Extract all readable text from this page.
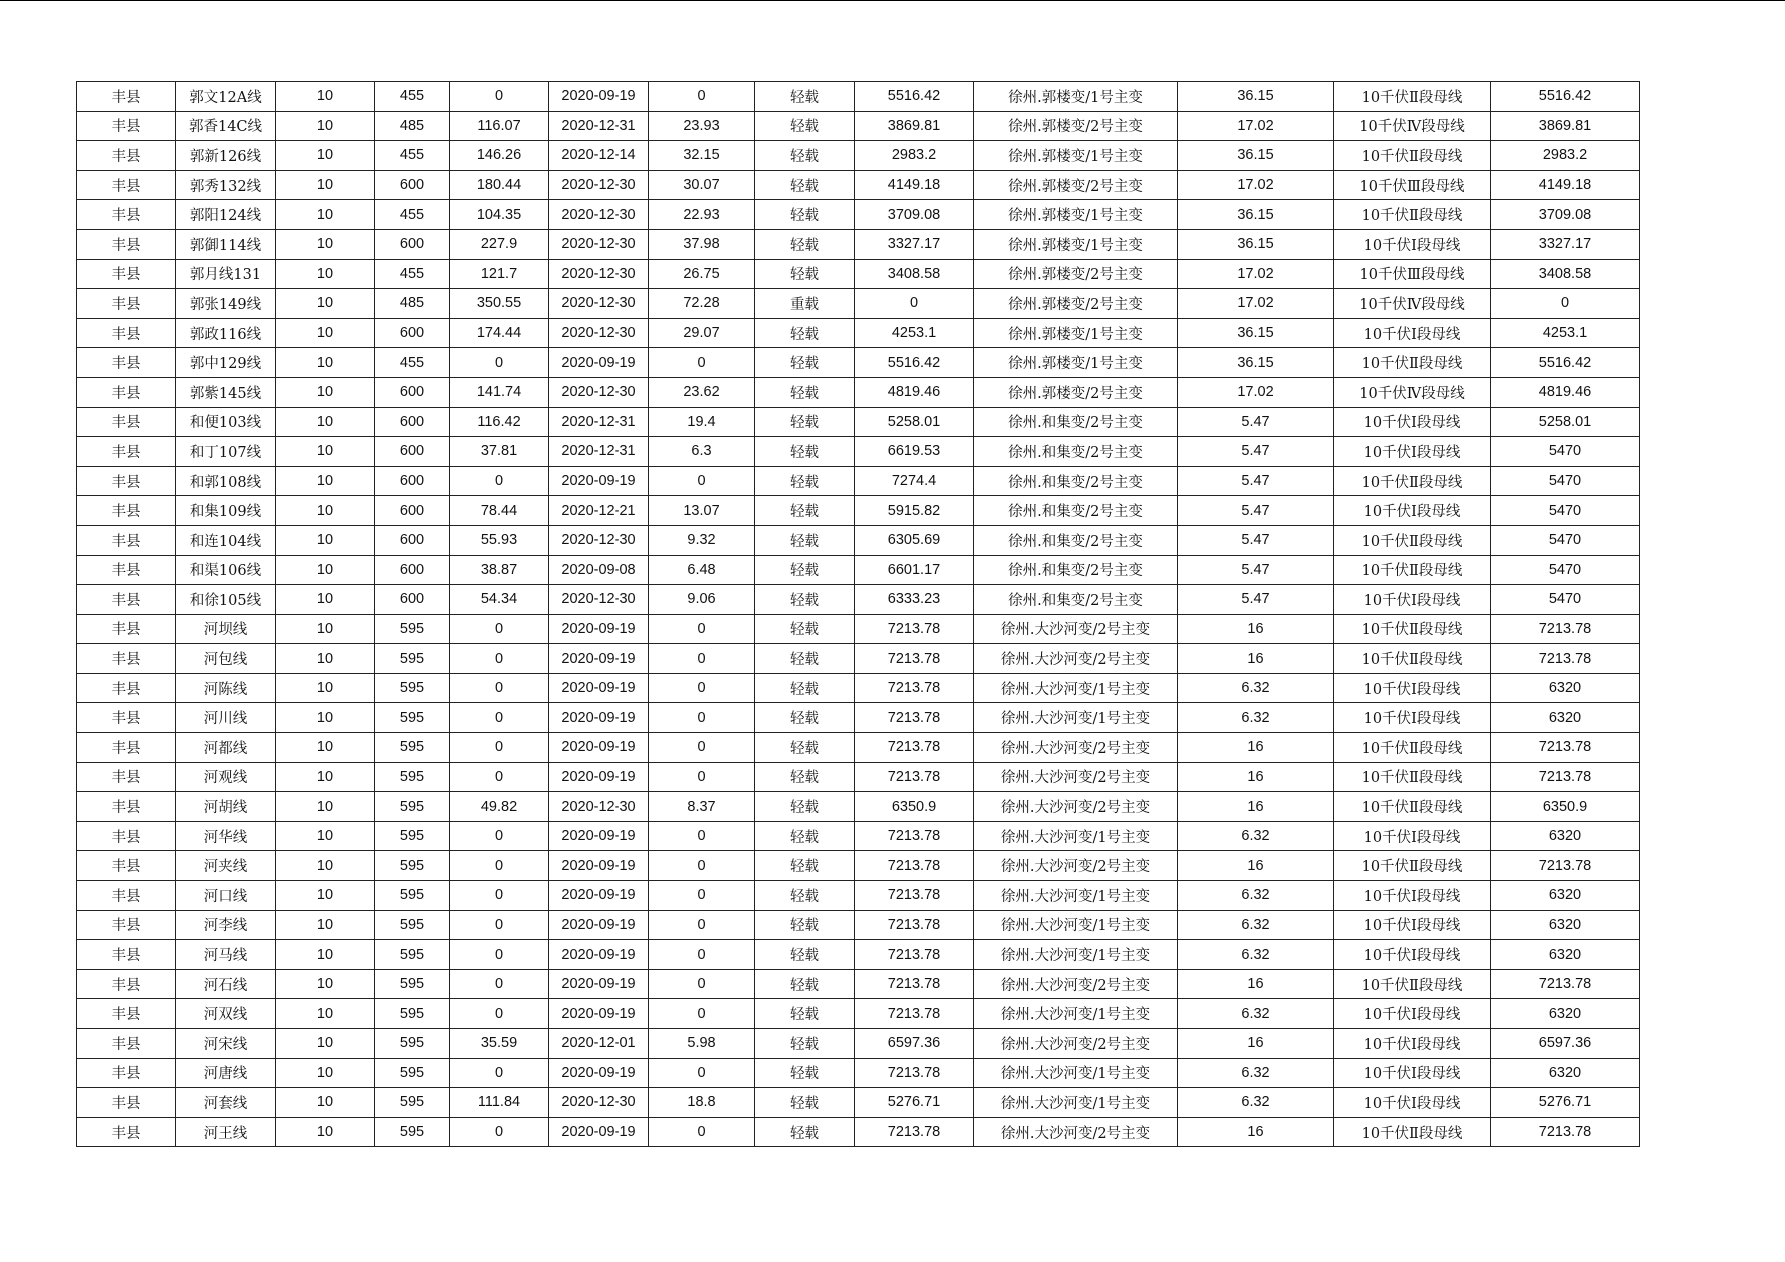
丰县	郭文12A线	10	455	0	2020-09-19	0	轻载	5516.42	徐州.郭楼变/1号主变	36.15	10千伏Ⅱ段母线	5516.42
丰县	郭香14C线	10	485	116.07	2020-12-31	23.93	轻载	3869.81	徐州.郭楼变/2号主变	17.02	10千伏Ⅳ段母线	3869.81
丰县	郭新126线	10	455	146.26	2020-12-14	32.15	轻载	2983.2	徐州.郭楼变/1号主变	36.15	10千伏Ⅱ段母线	2983.2
丰县	郭秀132线	10	600	180.44	2020-12-30	30.07	轻载	4149.18	徐州.郭楼变/2号主变	17.02	10千伏Ⅲ段母线	4149.18
丰县	郭阳124线	10	455	104.35	2020-12-30	22.93	轻载	3709.08	徐州.郭楼变/1号主变	36.15	10千伏Ⅱ段母线	3709.08
丰县	郭御114线	10	600	227.9	2020-12-30	37.98	轻载	3327.17	徐州.郭楼变/1号主变	36.15	10千伏Ⅰ段母线	3327.17
丰县	郭月线131	10	455	121.7	2020-12-30	26.75	轻载	3408.58	徐州.郭楼变/2号主变	17.02	10千伏Ⅲ段母线	3408.58
丰县	郭张149线	10	485	350.55	2020-12-30	72.28	重载	0	徐州.郭楼变/2号主变	17.02	10千伏Ⅳ段母线	0
丰县	郭政116线	10	600	174.44	2020-12-30	29.07	轻载	4253.1	徐州.郭楼变/1号主变	36.15	10千伏Ⅰ段母线	4253.1
丰县	郭中129线	10	455	0	2020-09-19	0	轻载	5516.42	徐州.郭楼变/1号主变	36.15	10千伏Ⅱ段母线	5516.42
丰县	郭紫145线	10	600	141.74	2020-12-30	23.62	轻载	4819.46	徐州.郭楼变/2号主变	17.02	10千伏Ⅳ段母线	4819.46
丰县	和便103线	10	600	116.42	2020-12-31	19.4	轻载	5258.01	徐州.和集变/2号主变	5.47	10千伏Ⅰ段母线	5258.01
丰县	和丁107线	10	600	37.81	2020-12-31	6.3	轻载	6619.53	徐州.和集变/2号主变	5.47	10千伏Ⅰ段母线	5470
丰县	和郭108线	10	600	0	2020-09-19	0	轻载	7274.4	徐州.和集变/2号主变	5.47	10千伏Ⅱ段母线	5470
丰县	和集109线	10	600	78.44	2020-12-21	13.07	轻载	5915.82	徐州.和集变/2号主变	5.47	10千伏Ⅰ段母线	5470
丰县	和连104线	10	600	55.93	2020-12-30	9.32	轻载	6305.69	徐州.和集变/2号主变	5.47	10千伏Ⅱ段母线	5470
丰县	和渠106线	10	600	38.87	2020-09-08	6.48	轻载	6601.17	徐州.和集变/2号主变	5.47	10千伏Ⅱ段母线	5470
丰县	和徐105线	10	600	54.34	2020-12-30	9.06	轻载	6333.23	徐州.和集变/2号主变	5.47	10千伏Ⅰ段母线	5470
丰县	河坝线	10	595	0	2020-09-19	0	轻载	7213.78	徐州.大沙河变/2号主变	16	10千伏Ⅱ段母线	7213.78
丰县	河包线	10	595	0	2020-09-19	0	轻载	7213.78	徐州.大沙河变/2号主变	16	10千伏Ⅱ段母线	7213.78
丰县	河陈线	10	595	0	2020-09-19	0	轻载	7213.78	徐州.大沙河变/1号主变	6.32	10千伏Ⅰ段母线	6320
丰县	河川线	10	595	0	2020-09-19	0	轻载	7213.78	徐州.大沙河变/1号主变	6.32	10千伏Ⅰ段母线	6320
丰县	河都线	10	595	0	2020-09-19	0	轻载	7213.78	徐州.大沙河变/2号主变	16	10千伏Ⅱ段母线	7213.78
丰县	河观线	10	595	0	2020-09-19	0	轻载	7213.78	徐州.大沙河变/2号主变	16	10千伏Ⅱ段母线	7213.78
丰县	河胡线	10	595	49.82	2020-12-30	8.37	轻载	6350.9	徐州.大沙河变/2号主变	16	10千伏Ⅱ段母线	6350.9
丰县	河华线	10	595	0	2020-09-19	0	轻载	7213.78	徐州.大沙河变/1号主变	6.32	10千伏Ⅰ段母线	6320
丰县	河夹线	10	595	0	2020-09-19	0	轻载	7213.78	徐州.大沙河变/2号主变	16	10千伏Ⅱ段母线	7213.78
丰县	河口线	10	595	0	2020-09-19	0	轻载	7213.78	徐州.大沙河变/1号主变	6.32	10千伏Ⅰ段母线	6320
丰县	河李线	10	595	0	2020-09-19	0	轻载	7213.78	徐州.大沙河变/1号主变	6.32	10千伏Ⅰ段母线	6320
丰县	河马线	10	595	0	2020-09-19	0	轻载	7213.78	徐州.大沙河变/1号主变	6.32	10千伏Ⅰ段母线	6320
丰县	河石线	10	595	0	2020-09-19	0	轻载	7213.78	徐州.大沙河变/2号主变	16	10千伏Ⅱ段母线	7213.78
丰县	河双线	10	595	0	2020-09-19	0	轻载	7213.78	徐州.大沙河变/1号主变	6.32	10千伏Ⅰ段母线	6320
丰县	河宋线	10	595	35.59	2020-12-01	5.98	轻载	6597.36	徐州.大沙河变/2号主变	16	10千伏Ⅰ段母线	6597.36
丰县	河唐线	10	595	0	2020-09-19	0	轻载	7213.78	徐州.大沙河变/1号主变	6.32	10千伏Ⅰ段母线	6320
丰县	河套线	10	595	111.84	2020-12-30	18.8	轻载	5276.71	徐州.大沙河变/1号主变	6.32	10千伏Ⅰ段母线	5276.71
丰县	河王线	10	595	0	2020-09-19	0	轻载	7213.78	徐州.大沙河变/2号主变	16	10千伏Ⅱ段母线	7213.78
